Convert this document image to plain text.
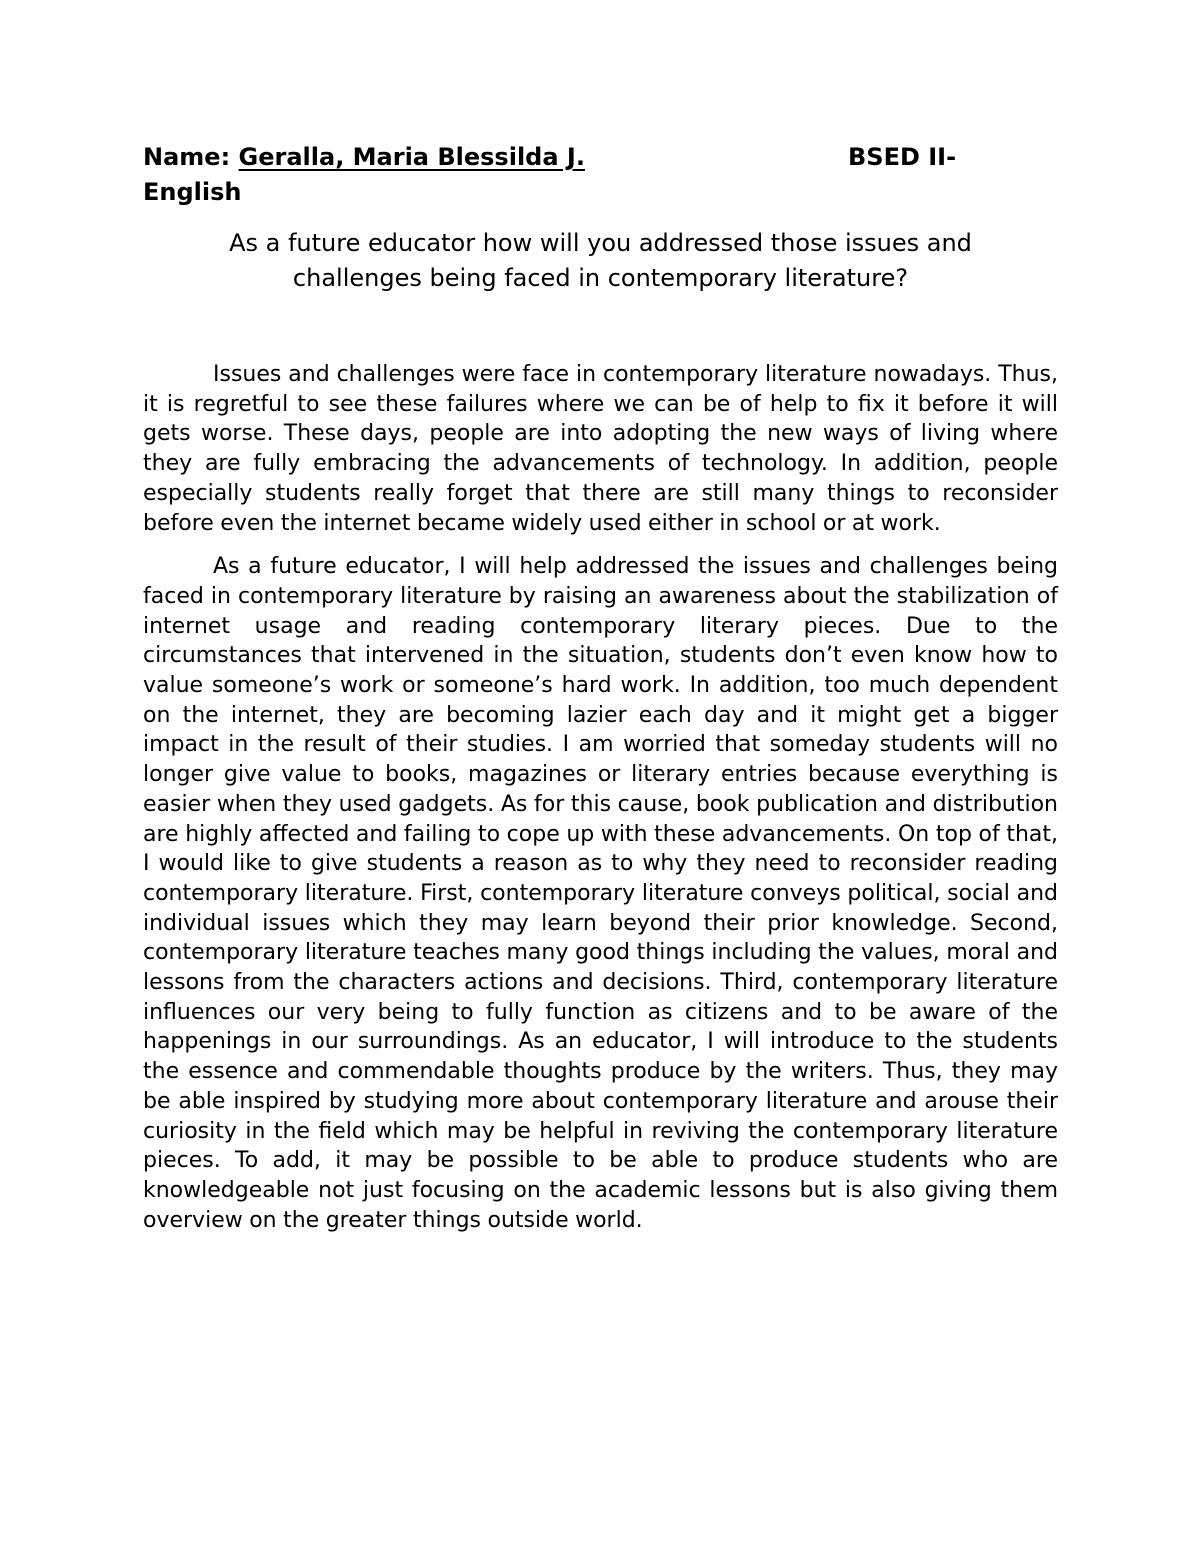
Name: Geralla, Maria Blessilda J.	BSED II-
English
As a future educator how will you addressed those issues and
challenges being faced in contemporary literature?

Issues and challenges were face in contemporary literature nowadays. Thus, it is regretful to see these failures where we can be of help to fix it before it will gets worse. These days, people are into adopting the new ways of living where they are fully embracing the advancements of technology. In addition, people especially students really forget that there are still many things to reconsider before even the internet became widely used either in school or at work.

As a future educator, I will help addressed the issues and challenges being faced in contemporary literature by raising an awareness about the stabilization of internet usage and reading contemporary literary pieces. Due to the circumstances that intervened in the situation, students don’t even know how to value someone’s work or someone’s hard work. In addition, too much dependent on the internet, they are becoming lazier each day and it might get a bigger impact in the result of their studies. I am worried that someday students will no longer give value to books, magazines or literary entries because everything is easier when they used gadgets. As for this cause, book publication and distribution are highly affected and failing to cope up with these advancements. On top of that, I would like to give students a reason as to why they need to reconsider reading contemporary literature. First, contemporary literature conveys political, social and individual issues which they may learn beyond their prior knowledge. Second, contemporary literature teaches many good things including the values, moral and lessons from the characters actions and decisions. Third, contemporary literature influences our very being to fully function as citizens and to be aware of the happenings in our surroundings. As an educator, I will introduce to the students the essence and commendable thoughts produce by the writers. Thus, they may be able inspired by studying more about contemporary literature and arouse their curiosity in the field which may be helpful in reviving the contemporary literature pieces. To add, it may be possible to be able to produce students who are knowledgeable not just focusing on the academic lessons but is also giving them overview on the greater things outside world.
